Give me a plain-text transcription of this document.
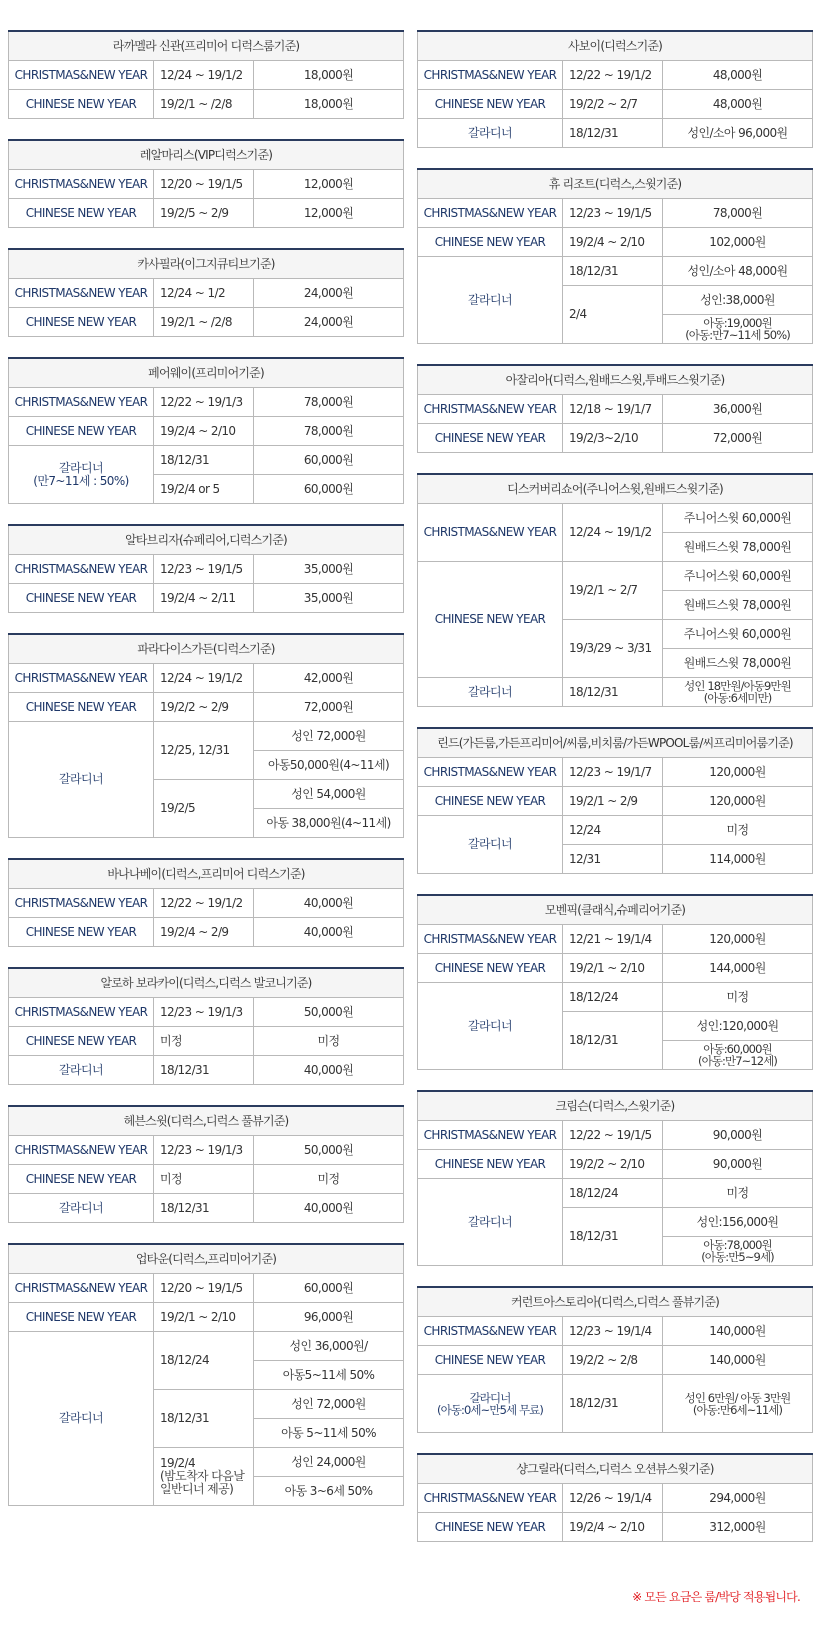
라까멜라 신관(프리미어 디럭스룸기준)		
CHRISTMAS&NEW YEAR	12/24 ~ 19/1/2	18,000원
CHINESE NEW YEAR	19/2/1 ~ /2/8	18,000원
레알마리스(VIP디럭스기준)		
CHRISTMAS&NEW YEAR	12/20 ~ 19/1/5	12,000원
CHINESE NEW YEAR	19/2/5 ~ 2/9	12,000원
카사필라(이그지큐티브기준)		
CHRISTMAS&NEW YEAR	12/24 ~ 1/2	24,000원
CHINESE NEW YEAR	19/2/1 ~ /2/8	24,000원
페어웨이(프리미어기준)		
CHRISTMAS&NEW YEAR	12/22 ~ 19/1/3	78,000원
CHINESE NEW YEAR	19/2/4 ~ 2/10	78,000원
갈라디너
(만7~11세 : 50%)	18/12/31	60,000원
	19/2/4 or 5	60,000원
알타브리자(슈페리어,디럭스기준)		
CHRISTMAS&NEW YEAR	12/23 ~ 19/1/5	35,000원
CHINESE NEW YEAR	19/2/4 ~ 2/11	35,000원
파라다이스가든(디럭스기준)		
CHRISTMAS&NEW YEAR	12/24 ~ 19/1/2	42,000원
CHINESE NEW YEAR	19/2/2 ~ 2/9	72,000원
갈라디너	12/25, 12/31	성인 72,000원
		아동50,000원(4~11세)
	19/2/5	성인 54,000원
		아동 38,000원(4~11세)
바나나베이(디럭스,프리미어 디럭스기준)		
CHRISTMAS&NEW YEAR	12/22 ~ 19/1/2	40,000원
CHINESE NEW YEAR	19/2/4 ~ 2/9	40,000원
알로하 보라카이(디럭스,디럭스 발코니기준)		
CHRISTMAS&NEW YEAR	12/23 ~ 19/1/3	50,000원
CHINESE NEW YEAR	미정	미정
갈라디너	18/12/31	40,000원
헤븐스윗(디럭스,디럭스 풀뷰기준)		
CHRISTMAS&NEW YEAR	12/23 ~ 19/1/3	50,000원
CHINESE NEW YEAR	미정	미정
갈라디너	18/12/31	40,000원
업타운(디럭스,프리미어기준)		
CHRISTMAS&NEW YEAR	12/20 ~ 19/1/5	60,000원
CHINESE NEW YEAR	19/2/1 ~ 2/10	96,000원
갈라디너	18/12/24	성인 36,000원/
		아동5~11세 50%
	18/12/31	성인 72,000원
		아동 5~11세 50%
	19/2/4
(밤도착자 다음날
일반디너 제공)	성인 24,000원
		아동 3~6세 50%
사보이(디럭스기준)		
CHRISTMAS&NEW YEAR	12/22 ~ 19/1/2	48,000원
CHINESE NEW YEAR	19/2/2 ~ 2/7	48,000원
갈라디너	18/12/31	성인/소아 96,000원
휴 리조트(디럭스,스윗기준)		
CHRISTMAS&NEW YEAR	12/23 ~ 19/1/5	78,000원
CHINESE NEW YEAR	19/2/4 ~ 2/10	102,000원
갈라디너	18/12/31	성인/소아 48,000원
	2/4	성인:38,000원
		아동:19,000원
(아동:만7~11세 50%)
아잘리아(디럭스,원배드스윗,투배드스윗기준)		
CHRISTMAS&NEW YEAR	12/18 ~ 19/1/7	36,000원
CHINESE NEW YEAR	19/2/3~2/10	72,000원
디스커버리쇼어(주니어스윗,원배드스윗기준)		
CHRISTMAS&NEW YEAR	12/24 ~ 19/1/2	주니어스윗 60,000원
		원배드스윗 78,000원
CHINESE NEW YEAR	19/2/1 ~ 2/7	주니어스윗 60,000원
		원배드스윗 78,000원
	19/3/29 ~ 3/31	주니어스윗 60,000원
		원배드스윗 78,000원
갈라디너	18/12/31	성인 18만원/아동9만원
(아동:6세미만)
린드(가든룸,가든프리미어/씨룸,비치룸/가든WPOOL룸/씨프리미어룸기준)		
CHRISTMAS&NEW YEAR	12/23 ~ 19/1/7	120,000원
CHINESE NEW YEAR	19/2/1 ~ 2/9	120,000원
갈라디너	12/24	미정
	12/31	114,000원
모벤픽(클래식,슈페리어기준)		
CHRISTMAS&NEW YEAR	12/21 ~ 19/1/4	120,000원
CHINESE NEW YEAR	19/2/1 ~ 2/10	144,000원
갈라디너	18/12/24	미정
	18/12/31	성인:120,000원
		아동:60,000원
(아동:만7~12세)
크림슨(디럭스,스윗기준)		
CHRISTMAS&NEW YEAR	12/22 ~ 19/1/5	90,000원
CHINESE NEW YEAR	19/2/2 ~ 2/10	90,000원
갈라디너	18/12/24	미정
	18/12/31	성인:156,000원
		아동:78,000원
(아동:만5~9세)
커런트아스토리아(디럭스,디럭스 풀뷰기준)		
CHRISTMAS&NEW YEAR	12/23 ~ 19/1/4	140,000원
CHINESE NEW YEAR	19/2/2 ~ 2/8	140,000원
갈라디너
(아동:0세~만5세 무료)	18/12/31	성인 6만원/ 아동 3만원
(아동:만6세~11세)
샹그릴라(디럭스,디럭스 오션뷰스윗기준)		
CHRISTMAS&NEW YEAR	12/26 ~ 19/1/4	294,000원
CHINESE NEW YEAR	19/2/4 ~ 2/10	312,000원
※ 모든 요금은 룸/박당 적용됩니다.
